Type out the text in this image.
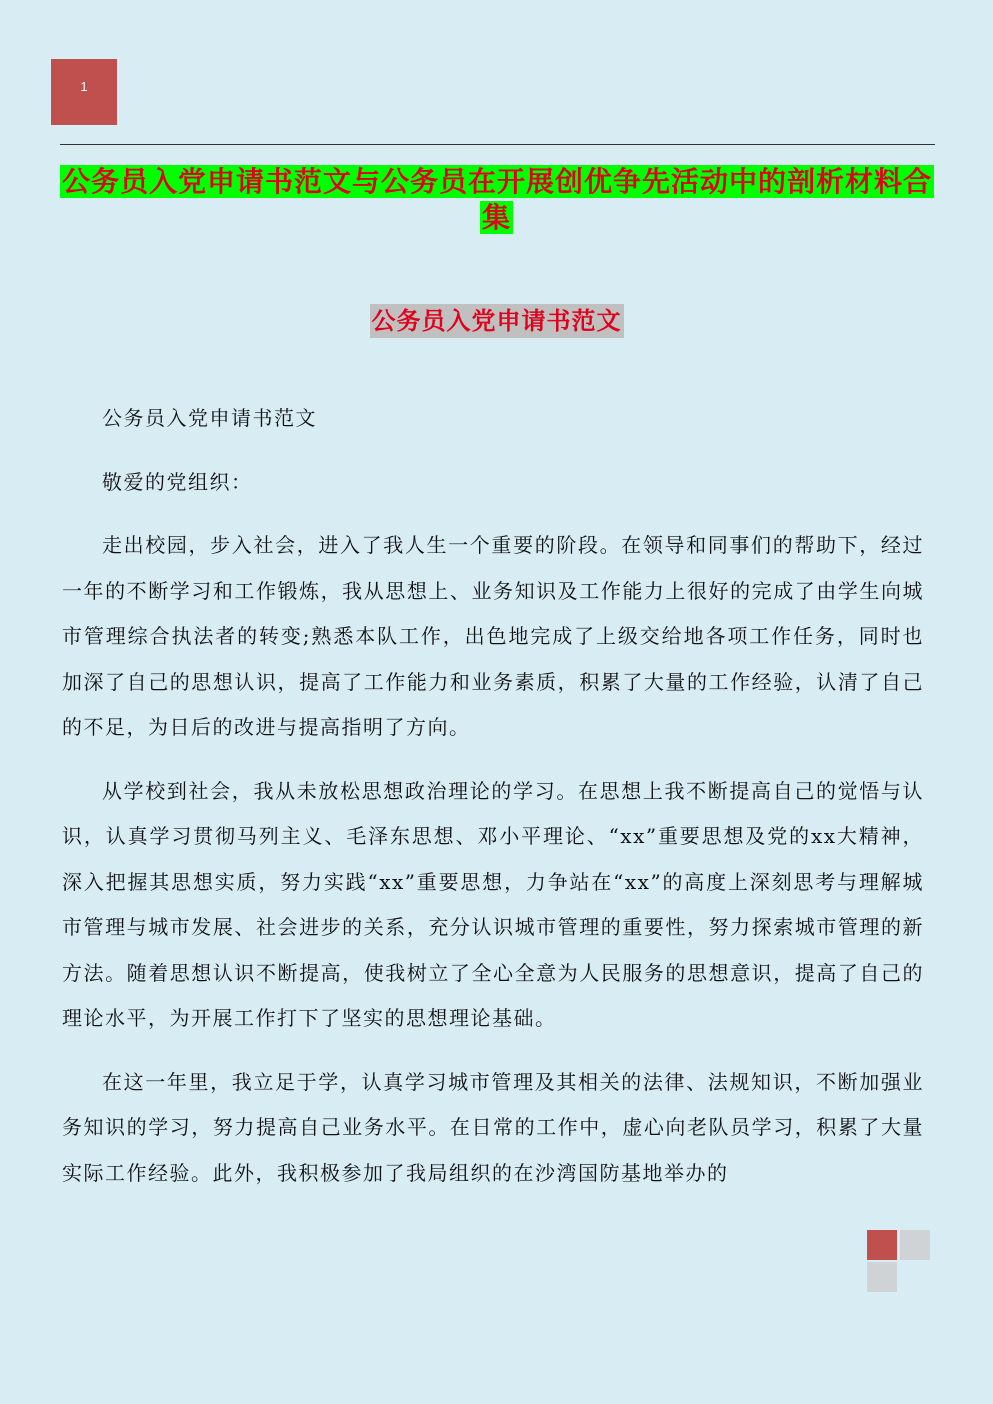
1
公务员入党申请书范文与公务员在开展创优争先活动中的剖析材料合集
公务员入党申请书范文

公务员入党申请书范文

敬爱的党组织：

走出校园，步入社会，进入了我人生一个重要的阶段。在领导和同事们的帮助下，经过一年的不断学习和工作锻炼，我从思想上、业务知识及工作能力上很好的完成了由学生向城市管理综合执法者的转变;熟悉本队工作，出色地完成了上级交给地各项工作任务，同时也加深了自己的思想认识，提高了工作能力和业务素质，积累了大量的工作经验，认清了自己的不足，为日后的改进与提高指明了方向。

从学校到社会，我从未放松思想政治理论的学习。在思想上我不断提高自己的觉悟与认识，认真学习贯彻马列主义、毛泽东思想、邓小平理论、“xx”重要思想及党的xx大精神，深入把握其思想实质，努力实践“xx”重要思想，力争站在“xx”的高度上深刻思考与理解城市管理与城市发展、社会进步的关系，充分认识城市管理的重要性，努力探索城市管理的新方法。随着思想认识不断提高，使我树立了全心全意为人民服务的思想意识，提高了自己的理论水平，为开展工作打下了坚实的思想理论基础。

在这一年里，我立足于学，认真学习城市管理及其相关的法律、法规知识，不断加强业务知识的学习，努力提高自己业务水平。在日常的工作中，虚心向老队员学习，积累了大量实际工作经验。此外，我积极参加了我局组织的在沙湾国防基地举办的
